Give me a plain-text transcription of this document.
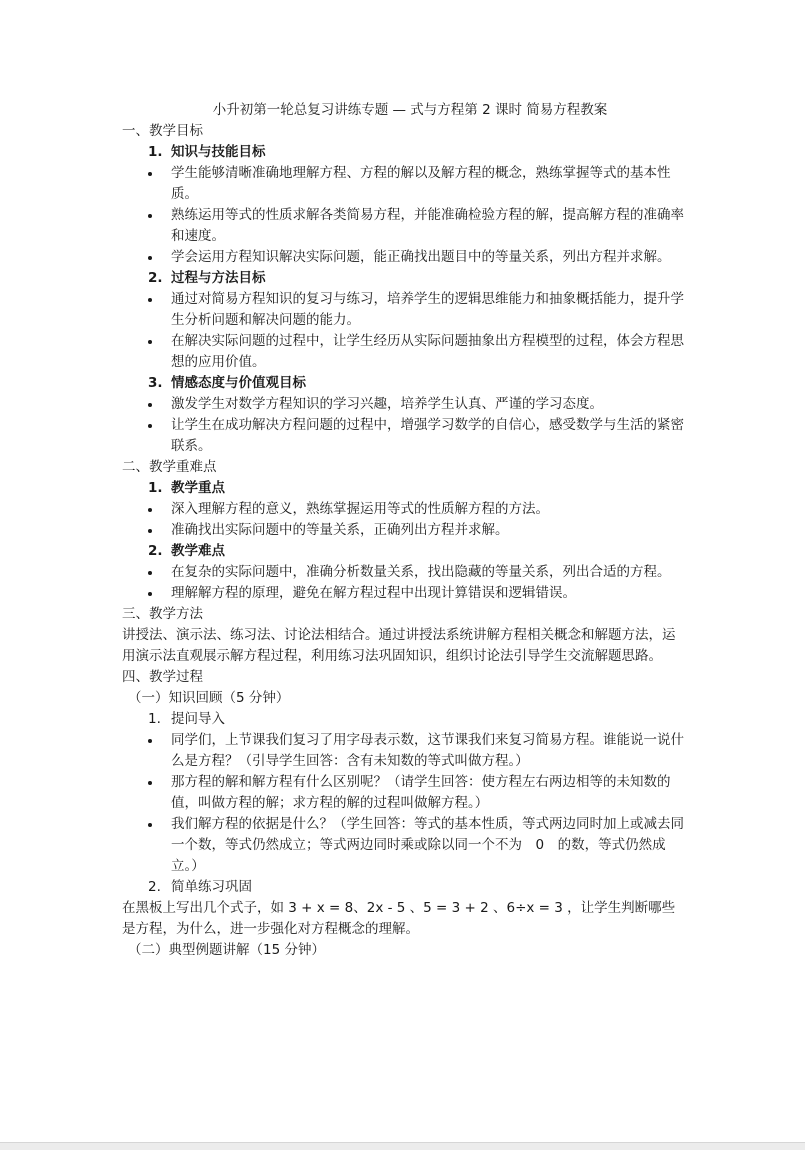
小升初第一轮总复习讲练专题 — 式与方程第 2 课时 简易方程教案

一、教学目标

1. 知识与技能目标

学生能够清晰准确地理解方程、方程的解以及解方程的概念，熟练掌握等式的基本性质。
熟练运用等式的性质求解各类简易方程，并能准确检验方程的解，提高解方程的准确率和速度。
学会运用方程知识解决实际问题，能正确找出题目中的等量关系，列出方程并求解。

2. 过程与方法目标

通过对简易方程知识的复习与练习，培养学生的逻辑思维能力和抽象概括能力，提升学生分析问题和解决问题的能力。
在解决实际问题的过程中，让学生经历从实际问题抽象出方程模型的过程，体会方程思想的应用价值。

3. 情感态度与价值观目标

激发学生对数学方程知识的学习兴趣，培养学生认真、严谨的学习态度。
让学生在成功解决方程问题的过程中，增强学习数学的自信心，感受数学与生活的紧密联系。

二、教学重难点

1. 教学重点

深入理解方程的意义，熟练掌握运用等式的性质解方程的方法。
准确找出实际问题中的等量关系，正确列出方程并求解。

2. 教学难点

在复杂的实际问题中，准确分析数量关系，找出隐藏的等量关系，列出合适的方程。
理解解方程的原理，避免在解方程过程中出现计算错误和逻辑错误。

三、教学方法

讲授法、演示法、练习法、讨论法相结合。通过讲授法系统讲解方程相关概念和解题方法，运用演示法直观展示解方程过程，利用练习法巩固知识，组织讨论法引导学生交流解题思路。

四、教学过程

（一）知识回顾（5 分钟）

1. 提问导入

同学们，上节课我们复习了用字母表示数，这节课我们来复习简易方程。谁能说一说什么是方程？（引导学生回答：含有未知数的等式叫做方程。）
那方程的解和解方程有什么区别呢？（请学生回答：使方程左右两边相等的未知数的值，叫做方程的解；求方程的解的过程叫做解方程。）
我们解方程的依据是什么？（学生回答：等式的基本性质，等式两边同时加上或减去同一个数，等式仍然成立；等式两边同时乘或除以同一个不为　0　的数，等式仍然成立。）

2. 简单练习巩固

在黑板上写出几个式子，如 3 + x = 8、2x - 5 、5 = 3 + 2 、6÷x = 3 ，让学生判断哪些是方程，为什么，进一步强化对方程概念的理解。

（二）典型例题讲解（15 分钟）
